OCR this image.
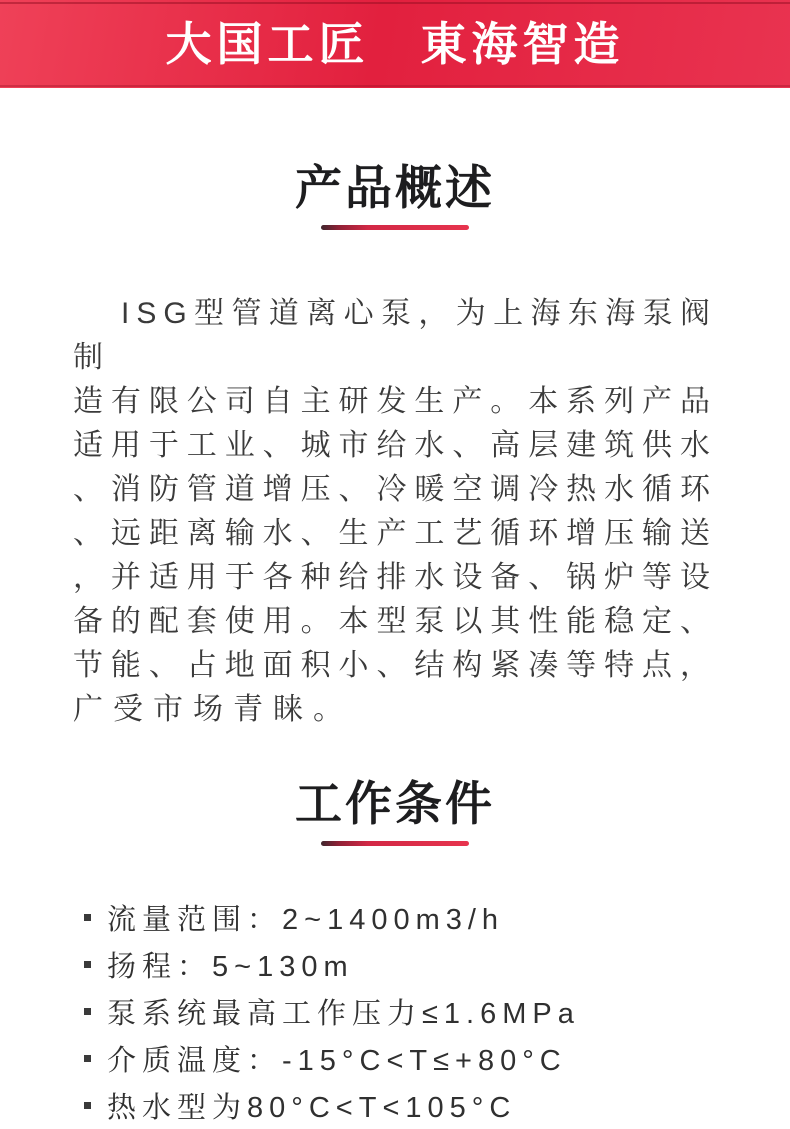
大国工匠　東海智造
产品概述
ISG型管道离心泵，为上海东海泵阀制
造有限公司自主研发生产。本系列产品
适用于工业、城市给水、高层建筑供水
、消防管道增压、冷暖空调冷热水循环
、远距离输水、生产工艺循环增压输送
，并适用于各种给排水设备、锅炉等设
备的配套使用。本型泵以其性能稳定、
节能、占地面积小、结构紧凑等特点，
广受市场青睐。
工作条件
流量范围：2~1400m3/h
扬程：5~130m
泵系统最高工作压力≤1.6MPa
介质温度：-15°C<T≤+80°C
热水型为80°C<T<105°C
